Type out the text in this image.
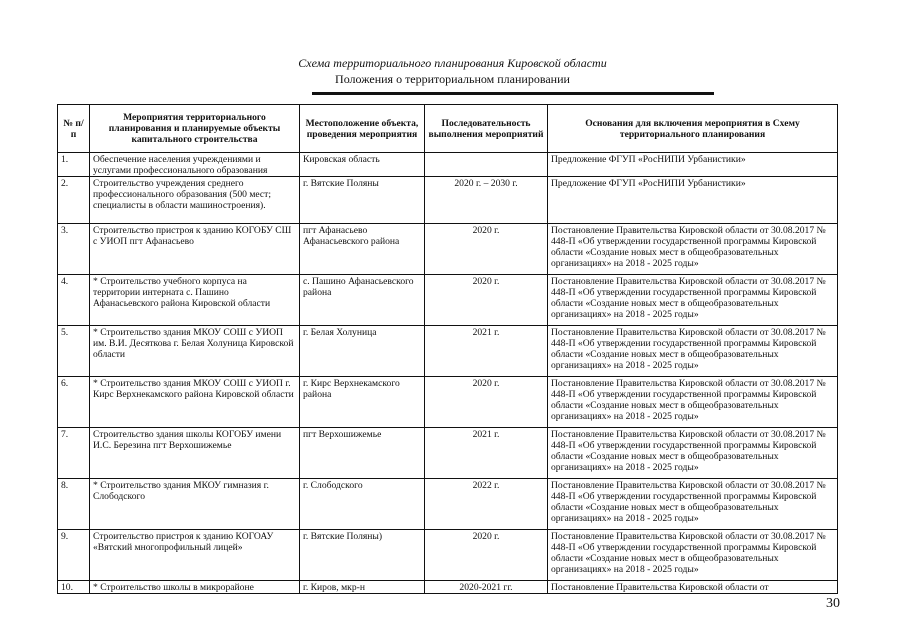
Схема территориального планирования Кировской области
Положения о территориальном планировании
№ п/п	Мероприятия территориального планирования и планируемые объекты капитального строительства	Местоположение объекта, проведения мероприятия	Последовательность выполнения мероприятий	Основания для включения мероприятия в Схему территориального планирования
1.	Обеспечение населения учреждениями и услугами профессионального образования	Кировская область		Предложение ФГУП «РосНИПИ Урбанистики»
2.	Строительство учреждения среднего профессионального образования (500 мест; специалисты в области машиностроения).	г. Вятские Поляны	2020 г. – 2030 г.	Предложение ФГУП «РосНИПИ Урбанистики»
3.	Строительство пристроя к зданию КОГОБУ СШ с УИОП пгт Афанасьево	пгт Афанасьево Афанасьевского района	2020 г.	Постановление Правительства Кировской области от 30.08.2017 № 448-П «Об утверждении государственной программы Кировской области «Создание новых мест в общеобразовательных организациях» на 2018 - 2025 годы»
4.	* Строительство учебного корпуса на территории интерната с. Пашино Афанасьевского района Кировской области	с. Пашино Афанасьевского района	2020 г.	Постановление Правительства Кировской области от 30.08.2017 № 448-П «Об утверждении государственной программы Кировской области «Создание новых мест в общеобразовательных организациях» на 2018 - 2025 годы»
5.	* Строительство здания МКОУ СОШ с УИОП им. В.И. Десяткова г. Белая Холуница Кировской области	г. Белая Холуница	2021 г.	Постановление Правительства Кировской области от 30.08.2017 № 448-П «Об утверждении государственной программы Кировской области «Создание новых мест в общеобразовательных организациях» на 2018 - 2025 годы»
6.	* Строительство здания МКОУ СОШ с УИОП г. Кирс Верхнекамского района Кировской области	г. Кирс Верхнекамского района	2020 г.	Постановление Правительства Кировской области от 30.08.2017 № 448-П «Об утверждении государственной программы Кировской области «Создание новых мест в общеобразовательных организациях» на 2018 - 2025 годы»
7.	Строительство здания школы КОГОБУ имени И.С. Березина пгт Верхошижемье	пгт Верхошижемье	2021 г.	Постановление Правительства Кировской области от 30.08.2017 № 448-П «Об утверждении государственной программы Кировской области «Создание новых мест в общеобразовательных организациях» на 2018 - 2025 годы»
8.	* Строительство здания МКОУ гимназия г. Слободского	г. Слободского	2022 г.	Постановление Правительства Кировской области от 30.08.2017 № 448-П «Об утверждении государственной программы Кировской области «Создание новых мест в общеобразовательных организациях» на 2018 - 2025 годы»
9.	Строительство пристроя к зданию КОГОАУ «Вятский многопрофильный лицей»	г. Вятские Поляны)	2020 г.	Постановление Правительства Кировской области от 30.08.2017 № 448-П «Об утверждении государственной программы Кировской области «Создание новых мест в общеобразовательных организациях» на 2018 - 2025 годы»
10.	* Строительство школы в микрорайоне	г. Киров, мкр-н	2020-2021 гг.	Постановление Правительства Кировской области от
30
